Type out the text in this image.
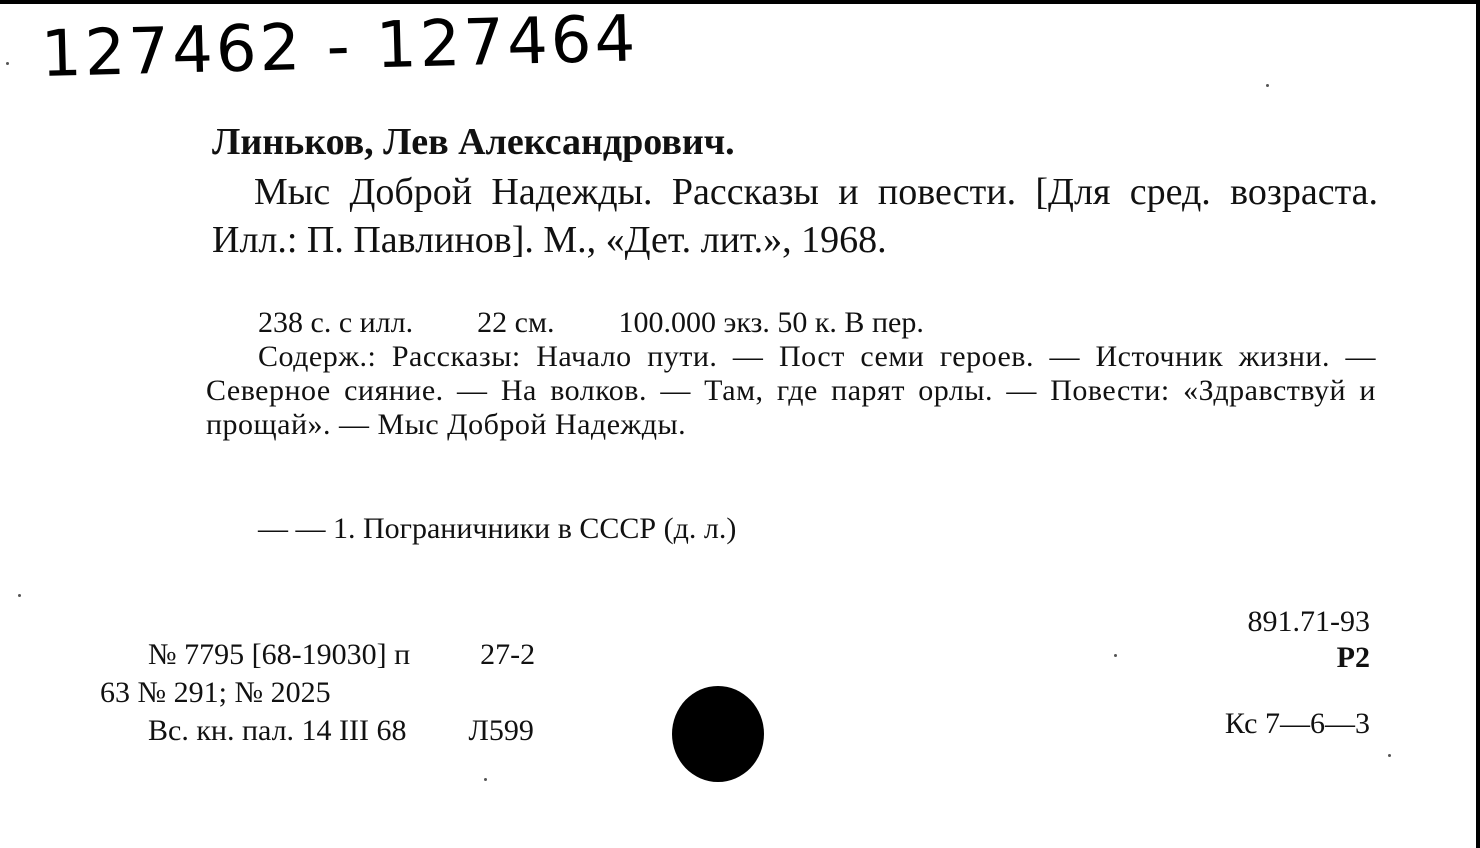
127462 - 127464
Линьков, Лев Александрович.
Мыс Доброй Надежды. Рассказы и повести. [Для сред. возраста. Илл.: П. Павлинов]. М., «Дет. лит.», 1968.
238 с. с илл. 22 см. 100.000 экз. 50 к. В пер.
Содерж.: Рассказы: Начало пути. — Пост семи героев. — Источник жизни. — Северное сияние. — На волков. — Там, где парят орлы. — Повести: «Здравствуй и прощай». — Мыс Доброй Надежды.
— — 1. Пограничники в СССР (д. л.)
№ 7795 [68-19030] п 27-2
63 № 291; № 2025
Вс. кн. пал. 14 III 68 Л599
891.71-93
Р2
Кс 7—6—3
